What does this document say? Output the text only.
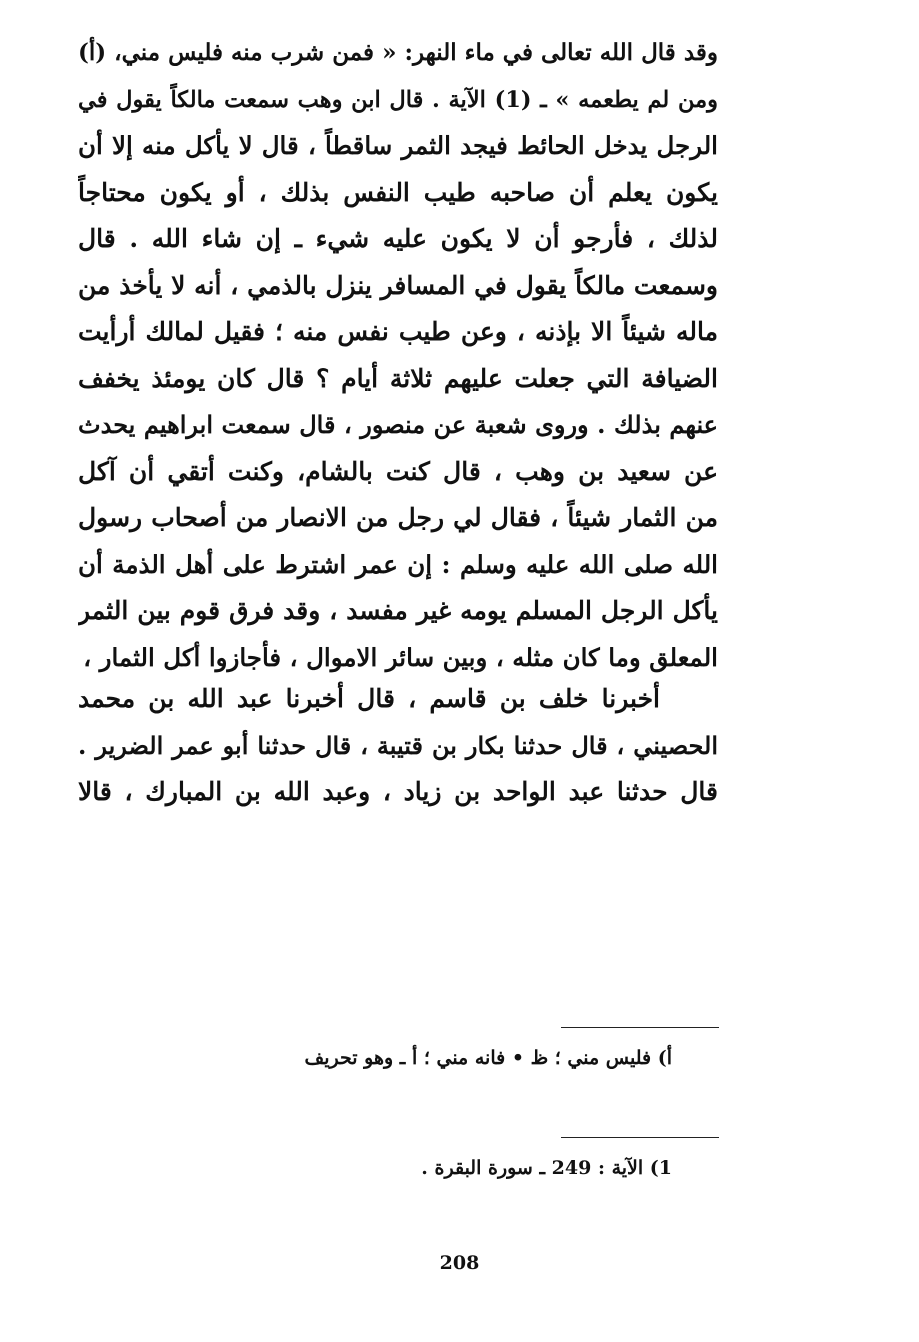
وقد قال الله تعالى في ماء النهر: « فمن شرب منه فليس مني، (أ)
ومن لم يطعمه » ـ (1) الآية . قال ابن وهب سمعت مالكاً يقول في
الرجل يدخل الحائط فيجد الثمر ساقطاً ، قال لا يأكل منه إلا أن
يكون يعلم أن صاحبه طيب النفس بذلك ، أو يكون محتاجاً
لذلك ، فأرجو أن لا يكون عليه شيء ـ إن شاء الله . قال
وسمعت مالكاً يقول في المسافر ينزل بالذمي ، أنه لا يأخذ من
ماله شيئاً الا بإذنه ، وعن طيب نفس منه ؛ فقيل لمالك أرأيت
الضيافة التي جعلت عليهم ثلاثة أيام ؟ قال كان يومئذ يخفف
عنهم بذلك . وروى شعبة عن منصور ، قال سمعت ابراهيم يحدث
عن سعيد بن وهب ، قال كنت بالشام، وكنت أتقي أن آكل
من الثمار شيئاً ، فقال لي رجل من الانصار من أصحاب رسول
الله صلى الله عليه وسلم : إن عمر اشترط على أهل الذمة أن
يأكل الرجل المسلم يومه غير مفسد ، وقد فرق قوم بين الثمر
المعلق وما كان مثله ، وبين سائر الاموال ، فأجازوا أكل الثمار ،
أخبرنا خلف بن قاسم ، قال أخبرنا عبد الله بن محمد
الحصيني ، قال حدثنا بكار بن قتيبة ، قال حدثنا أبو عمر الضرير .
قال حدثنا عبد الواحد بن زياد ، وعبد الله بن المبارك ، قالا
أ) فليس مني ؛ ظ • فانه مني ؛ أ ـ وهو تحريف
1) الآية : 249 ـ سورة البقرة .
208
